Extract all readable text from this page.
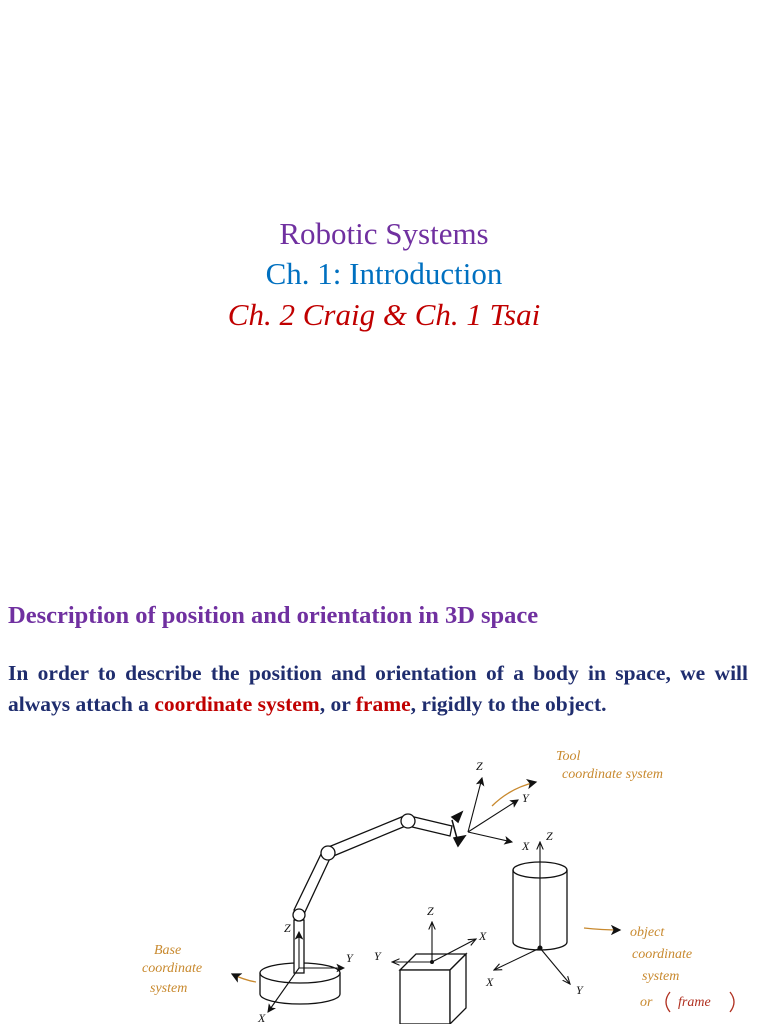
Robotic Systems
Ch. 1: Introduction
Ch. 2 Craig & Ch. 1 Tsai
Description of position and orientation in 3D space
In order to describe the position and orientation of a body in space, we will always attach a coordinate system, or frame, rigidly to the object.
Z
Y
X
Z
Y
X
Z
X
Y
Z
X
Y
Tool
coordinate system
Base
coordinate
system
object
coordinate
system
or frame
